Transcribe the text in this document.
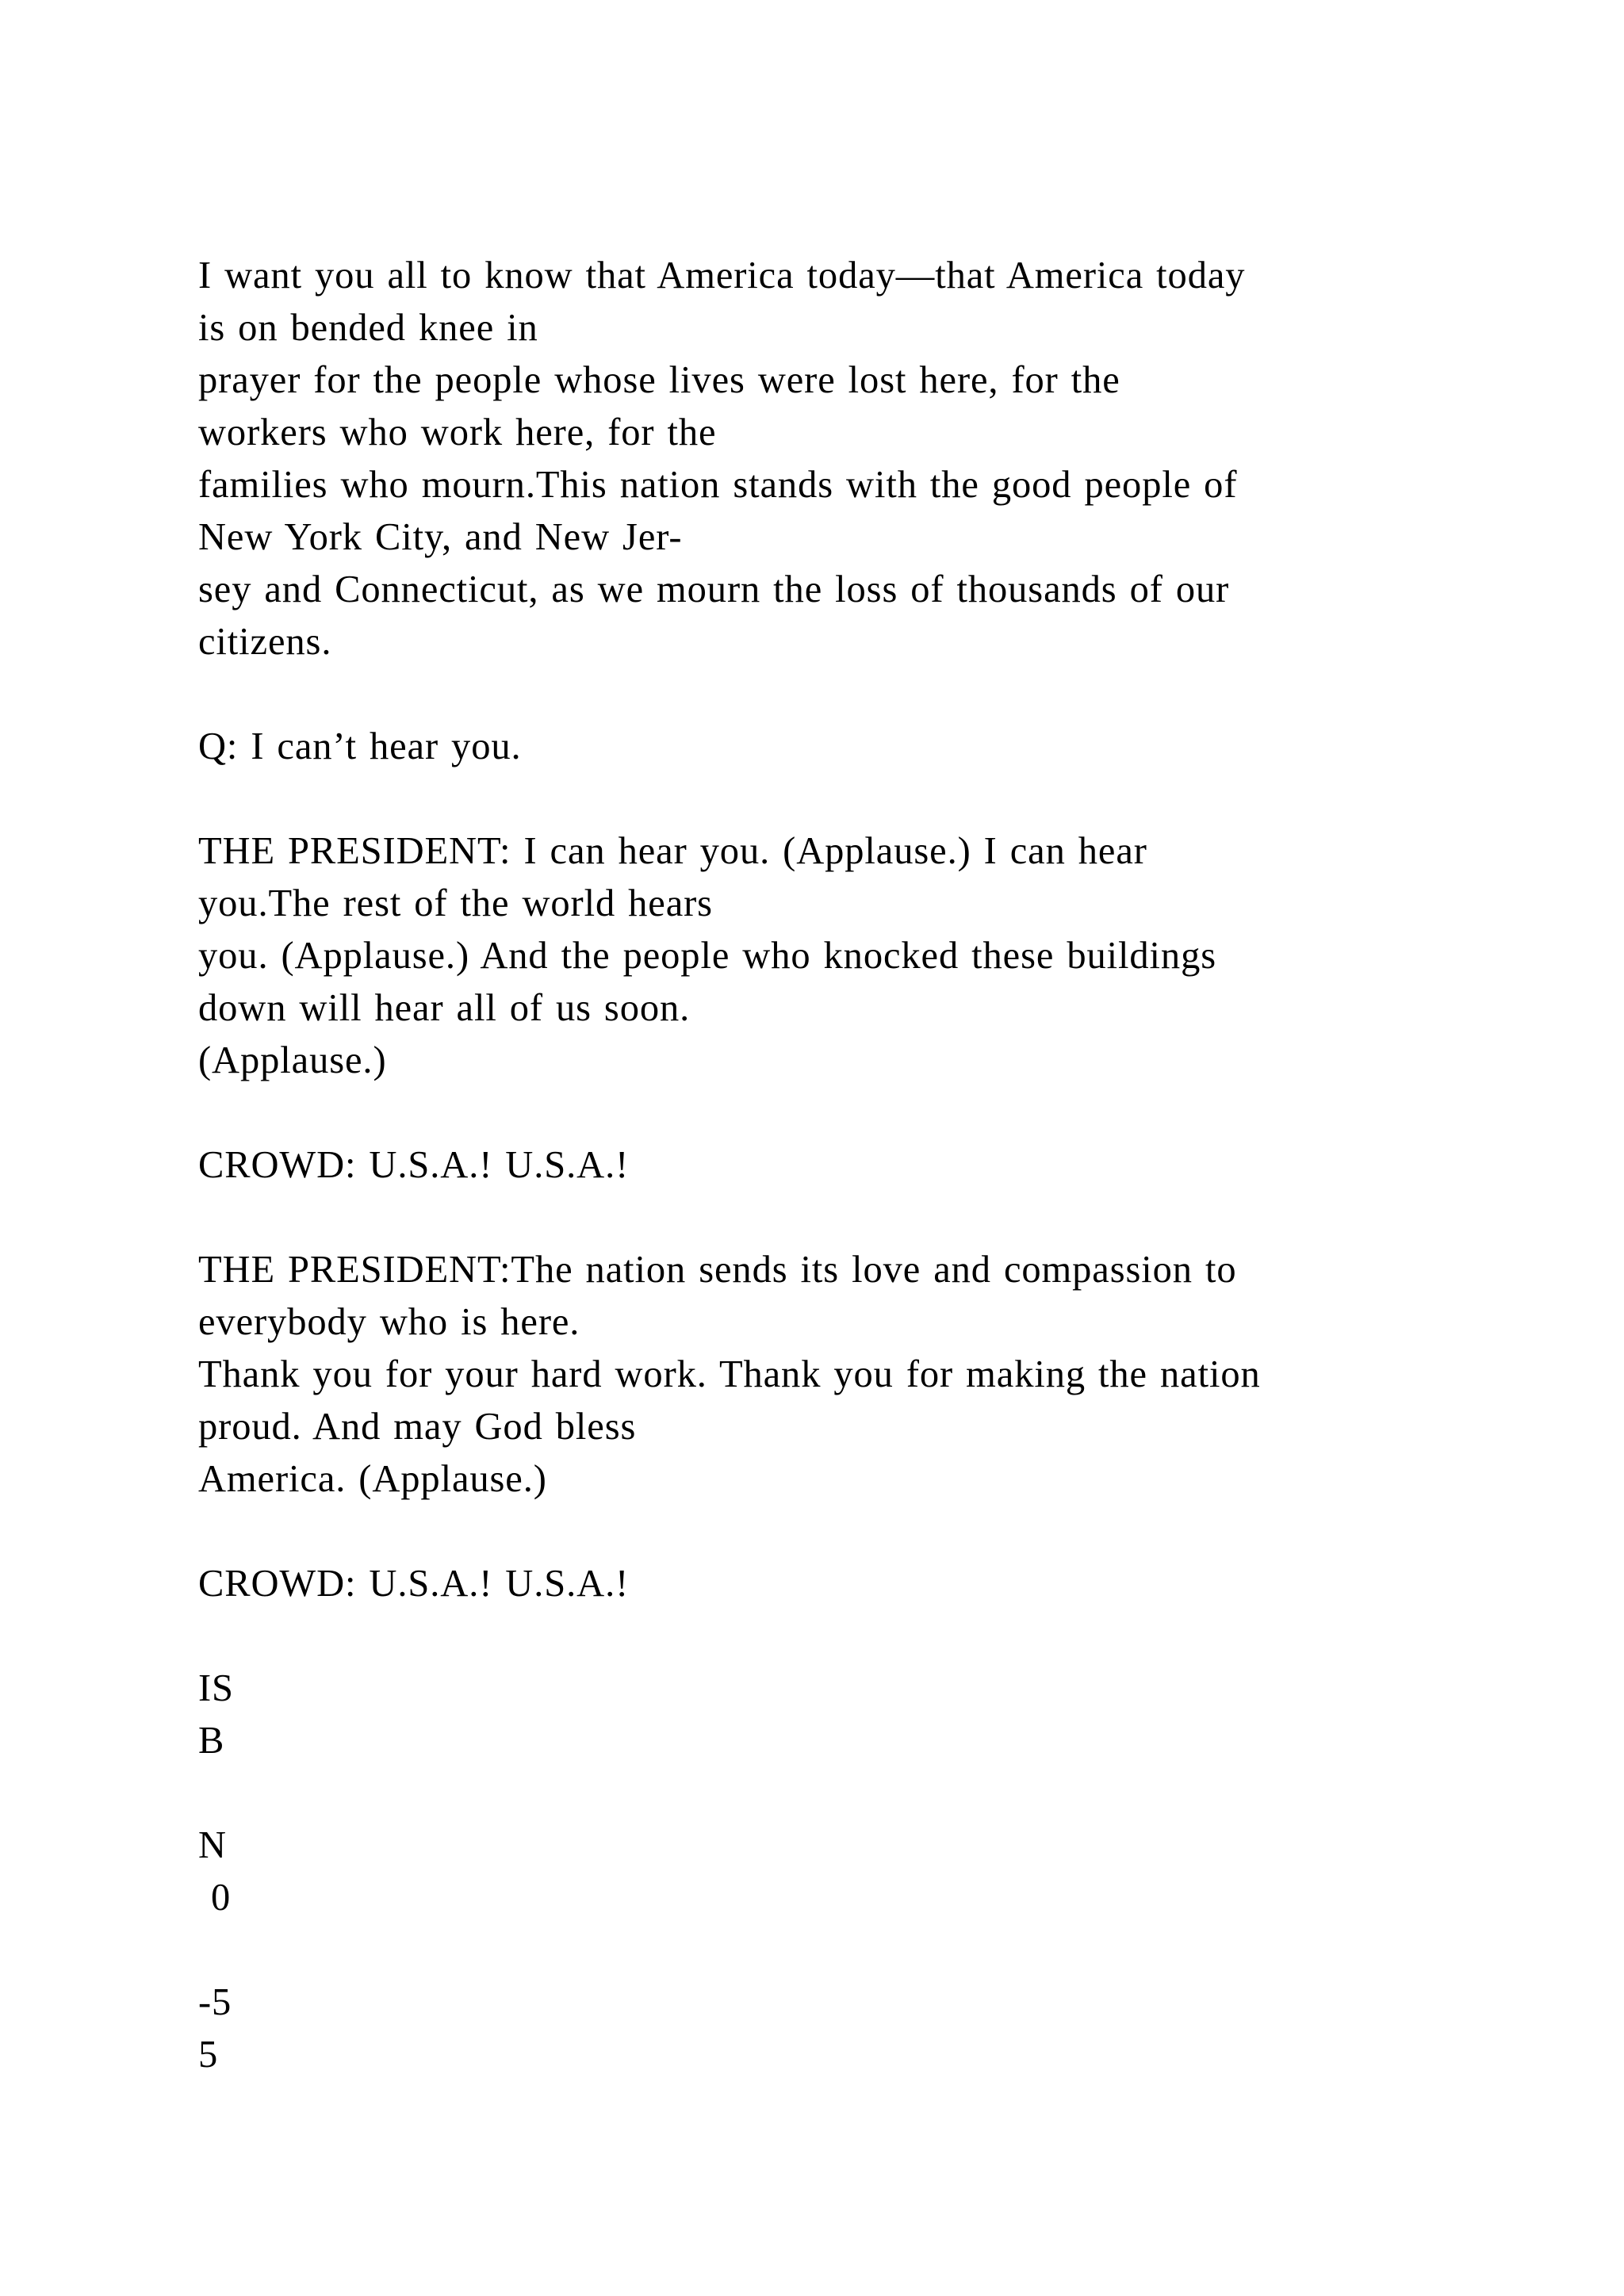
I want you all to know that America today—that America today
is on bended knee in
prayer for the people whose lives were lost here, for the
workers who work here, for the
families who mourn.This nation stands with the good people of
New York City, and New Jer-
sey and Connecticut, as we mourn the loss of thousands of our
citizens.
Q: I can’t hear you.
THE PRESIDENT: I can hear you. (Applause.) I can hear
you.The rest of the world hears
you. (Applause.) And the people who knocked these buildings
down will hear all of us soon.
(Applause.)
CROWD: U.S.A.! U.S.A.!
THE PRESIDENT:The nation sends its love and compassion to
everybody who is here.
Thank you for your hard work. Thank you for making the nation
proud. And may God bless
America. (Applause.)
CROWD: U.S.A.! U.S.A.!
IS
B
N
0
-5
5
